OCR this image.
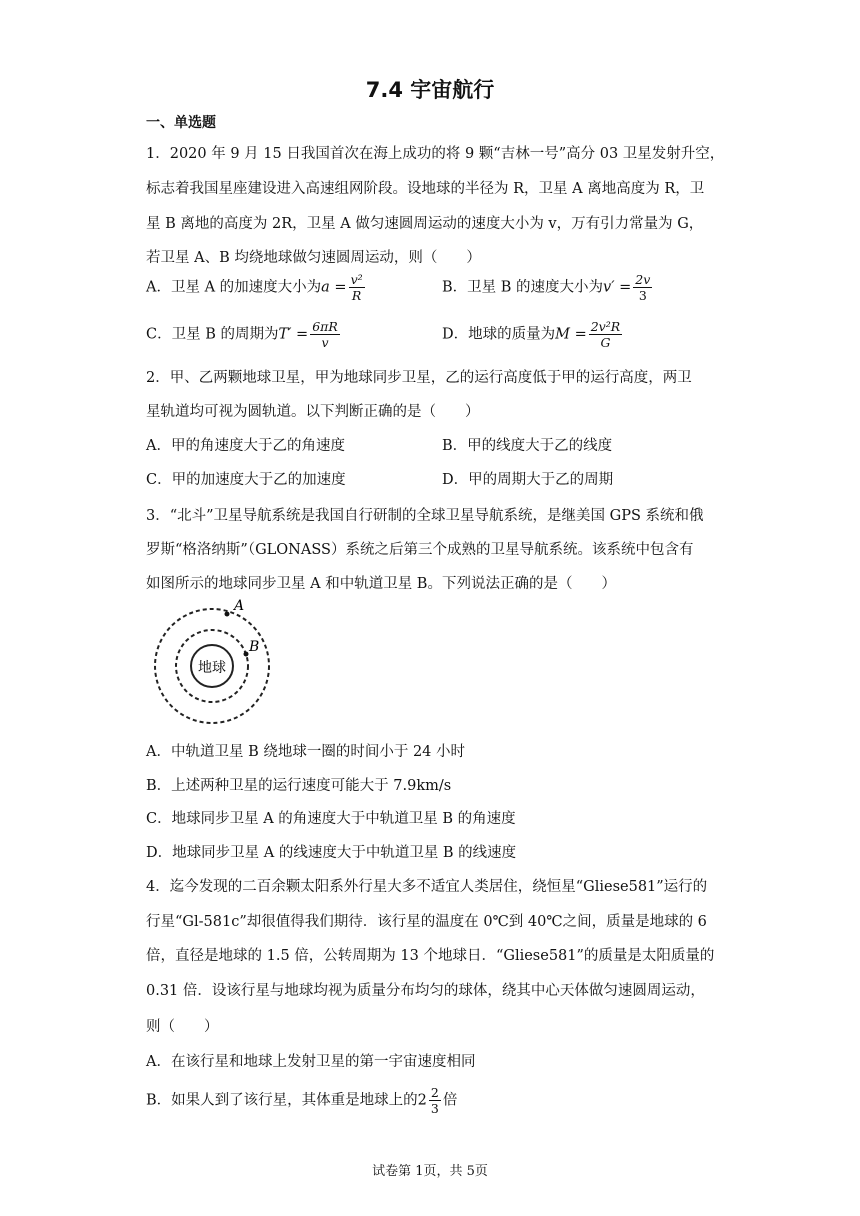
7.4 宇宙航行
一、单选题
1．2020 年 9 月 15 日我国首次在海上成功的将 9 颗“吉林一号”高分 03 卫星发射升空，
标志着我国星座建设进入高速组网阶段。设地球的半径为 R，卫星 A 离地高度为 R，卫
星 B 离地的高度为 2R，卫星 A 做匀速圆周运动的速度大小为 v，万有引力常量为 G，
若卫星 A、B 均绕地球做匀速圆周运动，则（　　）
A．卫星 A 的加速度大小为$a = \frac{\text{v²}}{R}$	B．卫星 B 的速度大小为$v' = \frac{2v}{3}$
C．卫星 B 的周期为$T' = \frac{6\pi R}{v}$	D．地球的质量为$M = \frac{\text{2v²R}}{G}$
2．甲、乙两颗地球卫星，甲为地球同步卫星，乙的运行高度低于甲的运行高度，两卫
星轨道均可视为圆轨道。以下判断正确的是（　　）
A．甲的角速度大于乙的角速度	B．甲的线度大于乙的线度
C．甲的加速度大于乙的加速度	D．甲的周期大于乙的周期
3．“北斗”卫星导航系统是我国自行研制的全球卫星导航系统，是继美国 GPS 系统和俄
罗斯“格洛纳斯”（GLONASS）系统之后第三个成熟的卫星导航系统。该系统中包含有
如图所示的地球同步卫星 A 和中轨道卫星 B。下列说法正确的是（　　）
地球
A
B
A．中轨道卫星 B 绕地球一圈的时间小于 24 小时
B．上述两种卫星的运行速度可能大于 7.9km/s
C．地球同步卫星 A 的角速度大于中轨道卫星 B 的角速度
D．地球同步卫星 A 的线速度大于中轨道卫星 B 的线速度
4．迄今发现的二百余颗太阳系外行星大多不适宜人类居住，绕恒星“Gliese581”运行的
行星“Gl-581c”却很值得我们期待．该行星的温度在 0℃到 40℃之间，质量是地球的 6
倍，直径是地球的 1.5 倍，公转周期为 13 个地球日．“Gliese581”的质量是太阳质量的
0.31 倍．设该行星与地球均视为质量分布均匀的球体，绕其中心天体做匀速圆周运动，
则（　　）
A．在该行星和地球上发射卫星的第一宇宙速度相同
B．如果人到了该行星，其体重是地球上的$2 \frac{2}{3}$ 倍
试卷第 1页，共 5页
